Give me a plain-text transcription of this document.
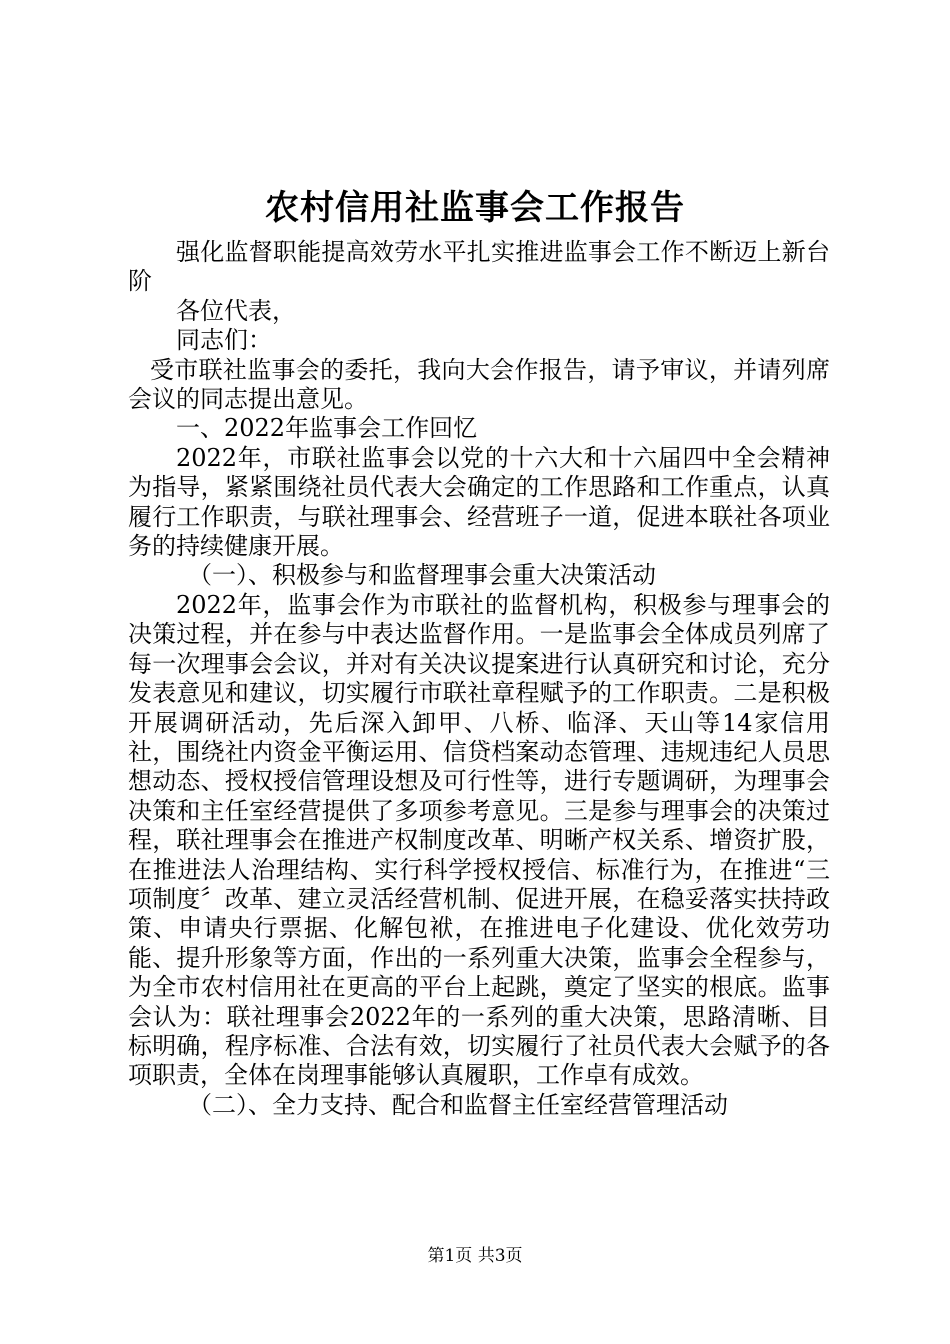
农村信用社监事会工作报告

强化监督职能提高效劳水平扎实推进监事会工作不断迈上新台阶

各位代表，

同志们：

受市联社监事会的委托，我向大会作报告，请予审议，并请列席会议的同志提出意见。

一、2022年监事会工作回忆

2022年，市联社监事会以党的十六大和十六届四中全会精神为指导，紧紧围绕社员代表大会确定的工作思路和工作重点，认真履行工作职责，与联社理事会、经营班子一道，促进本联社各项业务的持续健康开展。

（一）、积极参与和监督理事会重大决策活动

2022年，监事会作为市联社的监督机构，积极参与理事会的决策过程，并在参与中表达监督作用。一是监事会全体成员列席了每一次理事会会议，并对有关决议提案进行认真研究和讨论，充分发表意见和建议，切实履行市联社章程赋予的工作职责。二是积极开展调研活动，先后深入卸甲、八桥、临泽、天山等14家信用社，围绕社内资金平衡运用、信贷档案动态管理、违规违纪人员思想动态、授权授信管理设想及可行性等，进行专题调研，为理事会决策和主任室经营提供了多项参考意见。三是参与理事会的决策过程，联社理事会在推进产权制度改革、明晰产权关系、增资扩股，在推进法人治理结构、实行科学授权授信、标准行为，在推进“三项制度〞改革、建立灵活经营机制、促进开展，在稳妥落实扶持政策、申请央行票据、化解包袱，在推进电子化建设、优化效劳功能、提升形象等方面，作出的一系列重大决策，监事会全程参与，为全市农村信用社在更高的平台上起跳，奠定了坚实的根底。监事会认为：联社理事会2022年的一系列的重大决策，思路清晰、目标明确，程序标准、合法有效，切实履行了社员代表大会赋予的各项职责，全体在岗理事能够认真履职，工作卓有成效。

（二）、全力支持、配合和监督主任室经营管理活动

第1页 共3页
